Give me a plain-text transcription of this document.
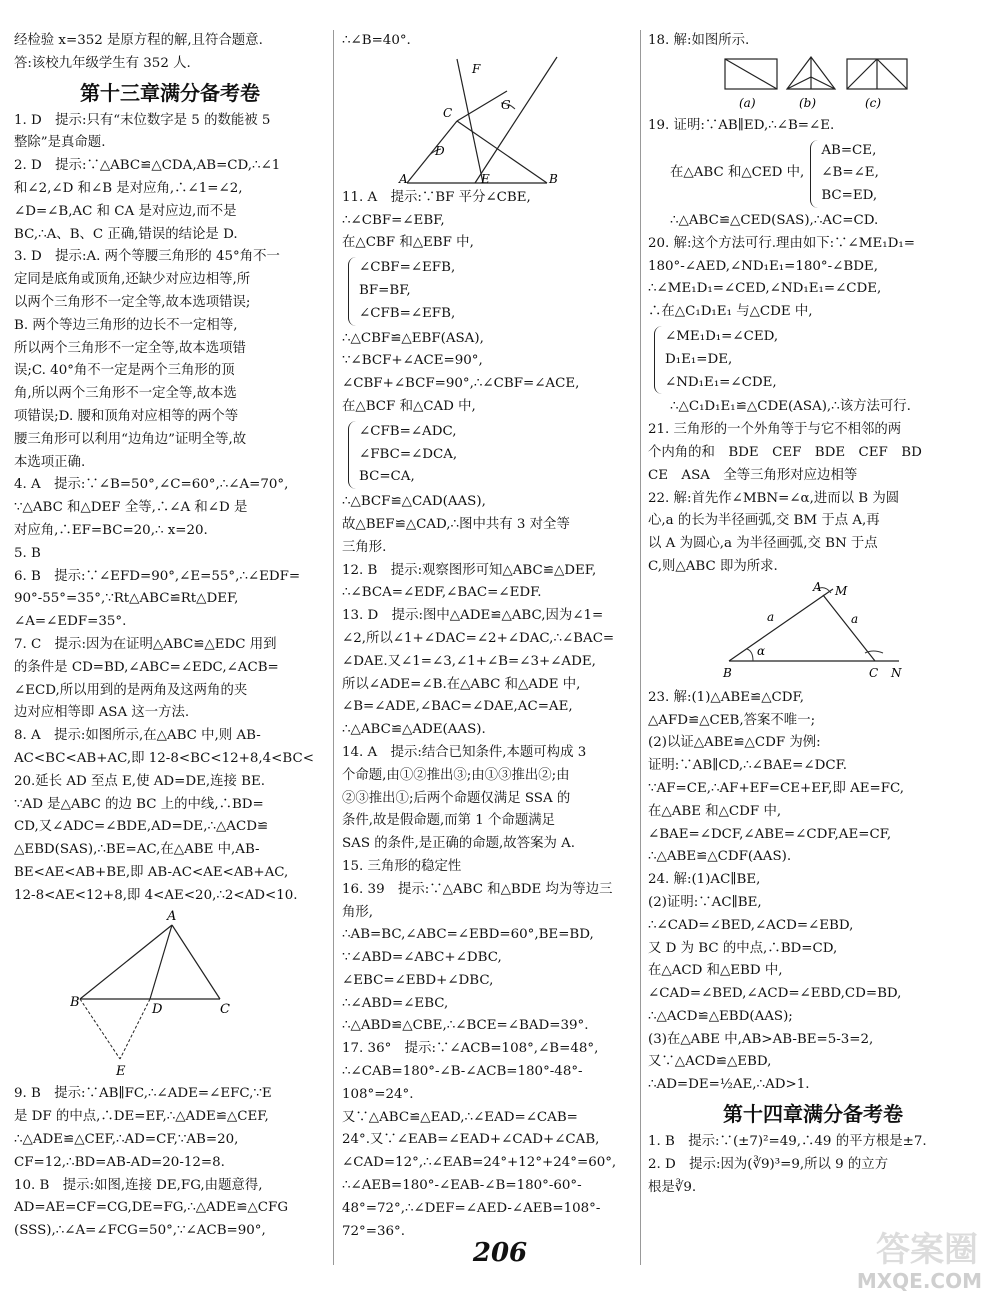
经检验 x=352 是原方程的解,且符合题意.
答:该校九年级学生有 352 人.
第十三章满分备考卷
1. D　提示:只有“末位数字是 5 的数能被 5
整除”是真命题.
2. D　提示:∵△ABC≌△CDA,AB=CD,∴∠1
和∠2,∠D 和∠B 是对应角,∴∠1=∠2,
∠D=∠B,AC 和 CA 是对应边,而不是
BC,∴A、B、C 正确,错误的结论是 D.
3. D　提示:A. 两个等腰三角形的 45°角不一
定同是底角或顶角,还缺少对应边相等,所
以两个三角形不一定全等,故本选项错误;
B. 两个等边三角形的边长不一定相等,
所以两个三角形不一定全等,故本选项错
误;C. 40°角不一定是两个三角形的顶
角,所以两个三角形不一定全等,故本选
项错误;D. 腰和顶角对应相等的两个等
腰三角形可以利用“边角边”证明全等,故
本选项正确.
4. A　提示:∵∠B=50°,∠C=60°,∴∠A=70°,
∵△ABC 和△DEF 全等,∴∠A 和∠D 是
对应角,∴EF=BC=20,∴ x=20.
5. B
6. B　提示:∵∠EFD=90°,∠E=55°,∴∠EDF=
90°-55°=35°,∵Rt△ABC≌Rt△DEF,
∠A=∠EDF=35°.
7. C　提示:因为在证明△ABC≌△EDC 用到
的条件是 CD=BD,∠ABC=∠EDC,∠ACB=
∠ECD,所以用到的是两角及这两角的夹
边对应相等即 ASA 这一方法.
8. A　提示:如图所示,在△ABC 中,则 AB-
AC<BC<AB+AC,即 12-8<BC<12+8,4<BC<
20.延长 AD 至点 E,使 AD=DE,连接 BE.
∵AD 是△ABC 的边 BC 上的中线,∴BD=
CD,又∠ADC=∠BDE,AD=DE,∴△ACD≌
△EBD(SAS),∴BE=AC,在△ABE 中,AB-
BE<AE<AB+BE,即 AB-AC<AE<AB+AC,
12-8<AE<12+8,即 4<AE<20,∴2<AD<10.
A
B	C
D
E
9. B　提示:∵AB∥FC,∴∠ADE=∠EFC,∵E
是 DF 的中点,∴DE=EF,∴△ADE≌△CEF,
∴△ADE≌△CEF,∴AD=CF,∵AB=20,
CF=12,∴BD=AB-AD=20-12=8.
10. B　提示:如图,连接 DE,FG,由题意得,
AD=AE=CF=CG,DE=FG,∴△ADE≌△CFG
(SSS),∴∠A=∠FCG=50°,∵∠ACB=90°,
∴∠B=40°.
F
C
G
D
A	E	B
11. A　提示:∵BF 平分∠CBE,
∴∠CBF=∠EBF,
在△CBF 和△EBF 中,
∠CBF=∠EFB,
BF=BF,
∠CFB=∠EFB,
∴△CBF≌△EBF(ASA),
∵∠BCF+∠ACE=90°,
∠CBF+∠BCF=90°,∴∠CBF=∠ACE,
在△BCF 和△CAD 中,
∠CFB=∠ADC,
∠FBC=∠DCA,
BC=CA,
∴△BCF≌△CAD(AAS),
故△BEF≌△CAD,∴图中共有 3 对全等
三角形.
12. B　提示:观察图形可知△ABC≌△DEF,
∴∠BCA=∠EDF,∠BAC=∠EDF.
13. D　提示:图中△ADE≌△ABC,因为∠1=
∠2,所以∠1+∠DAC=∠2+∠DAC,∴∠BAC=
∠DAE.又∠1=∠3,∠1+∠B=∠3+∠ADE,
所以∠ADE=∠B.在△ABC 和△ADE 中,
∠B=∠ADE,∠BAC=∠DAE,AC=AE,
∴△ABC≌△ADE(AAS).
14. A　提示:结合已知条件,本题可构成 3
个命题,由①②推出③;由①③推出②;由
②③推出①;后两个命题仅满足 SSA 的
条件,故是假命题,而第 1 个命题满足
SAS 的条件,是正确的命题,故答案为 A.
15. 三角形的稳定性
16. 39　提示:∵△ABC 和△BDE 均为等边三
角形,
∴AB=BC,∠ABC=∠EBD=60°,BE=BD,
∵∠ABD=∠ABC+∠DBC,
∠EBC=∠EBD+∠DBC,
∴∠ABD=∠EBC,
∴△ABD≌△CBE,∴∠BCE=∠BAD=39°.
17. 36°　提示:∵∠ACB=108°,∠B=48°,
∴∠CAB=180°-∠B-∠ACB=180°-48°-
108°=24°.
又∵△ABC≌△EAD,∴∠EAD=∠CAB=
24°.又∵∠EAB=∠EAD+∠CAD+∠CAB,
∠CAD=12°,∴∠EAB=24°+12°+24°=60°,
∴∠AEB=180°-∠EAB-∠B=180°-60°-
48°=72°,∴∠DEF=∠AED-∠AEB=108°-
72°=36°.
18. 解:如图所示.
(a)	(b)	(c)
19. 证明:∵AB∥ED,∴∠B=∠E.
在△ABC 和△CED 中,
AB=CE,
∠B=∠E,
BC=ED,
∴△ABC≌△CED(SAS),∴AC=CD.
20. 解:这个方法可行.理由如下:∵∠ME₁D₁=
180°-∠AED,∠ND₁E₁=180°-∠BDE,
∴∠ME₁D₁=∠CED,∠ND₁E₁=∠CDE,
∴在△C₁D₁E₁ 与△CDE 中,
∠ME₁D₁=∠CED,
D₁E₁=DE,
∠ND₁E₁=∠CDE,
∴△C₁D₁E₁≌△CDE(ASA),∴该方法可行.
21. 三角形的一个外角等于与它不相邻的两
个内角的和　BDE　CEF　BDE　CEF　BD
CE　ASA　全等三角形对应边相等
22. 解:首先作∠MBN=∠α,进而以 B 为圆
心,a 的长为半径画弧,交 BM 于点 A,再
以 A 为圆心,a 为半径画弧,交 BN 于点
C,则△ABC 即为所求.
A M
a	a
α
B	C N
23. 解:(1)△ABE≌△CDF,
△AFD≌△CEB,答案不唯一;
(2)以证△ABE≌△CDF 为例:
证明:∵AB∥CD,∴∠BAE=∠DCF.
∵AF=CE,∴AF+EF=CE+EF,即 AE=FC,
在△ABE 和△CDF 中,
∠BAE=∠DCF,∠ABE=∠CDF,AE=CF,
∴△ABE≌△CDF(AAS).
24. 解:(1)AC∥BE,
(2)证明:∵AC∥BE,
∴∠CAD=∠BED,∠ACD=∠EBD,
又 D 为 BC 的中点,∴BD=CD,
在△ACD 和△EBD 中,
∠CAD=∠BED,∠ACD=∠EBD,CD=BD,
∴△ACD≌△EBD(AAS);
(3)在△ABE 中,AB>AB-BE=5-3=2,
又∵△ACD≌△EBD,
∴AD=DE=½AE,∴AD>1.
第十四章满分备考卷
1. B　提示:∵(±7)²=49,∴49 的平方根是±7.
2. D　提示:因为(∛9)³=9,所以 9 的立方
根是∛9.
206	答案圈
MXQE.COM
